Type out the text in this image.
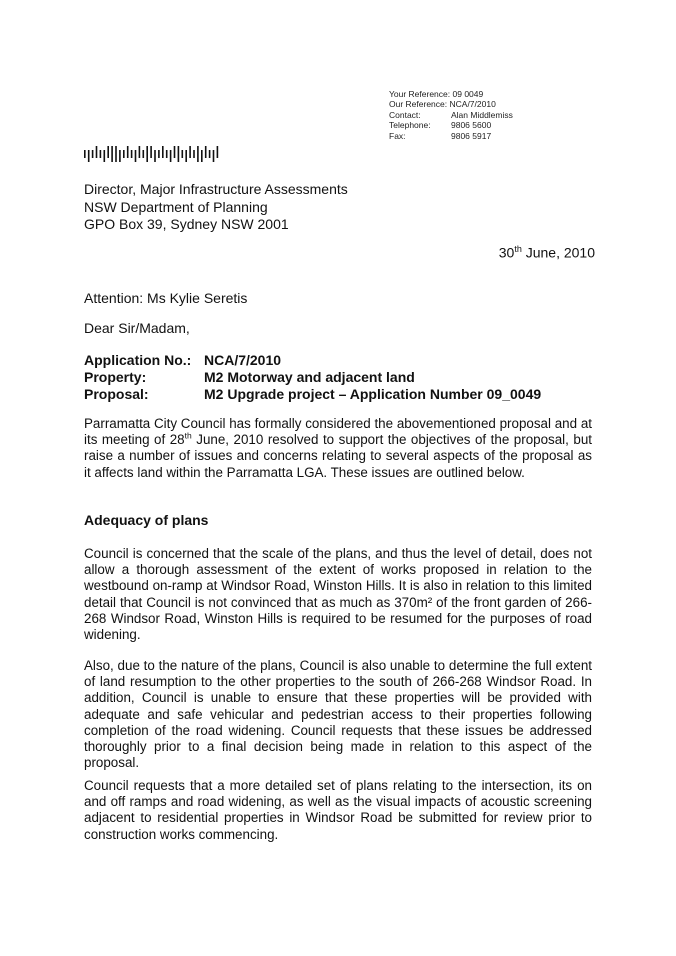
Your Reference: 09 0049
Our Reference: NCA/7/2010
Contact:	Alan Middlemiss
Telephone: 9806 5600
Fax:	9806 5917
Director, Major Infrastructure Assessments
NSW Department of Planning
GPO Box 39, Sydney NSW 2001
30th June, 2010
Attention: Ms Kylie Seretis
Dear Sir/Madam,
Application No.: NCA/7/2010
Property:	M2 Motorway and adjacent land
Proposal:	M2 Upgrade project – Application Number 09_0049
Parramatta City Council has formally considered the abovementioned proposal and at its meeting of 28th June, 2010 resolved to support the objectives of the proposal, but raise a number of issues and concerns relating to several aspects of the proposal as it affects land within the Parramatta LGA. These issues are outlined below.
Adequacy of plans
Council is concerned that the scale of the plans, and thus the level of detail, does not allow a thorough assessment of the extent of works proposed in relation to the westbound on-ramp at Windsor Road, Winston Hills. It is also in relation to this limited detail that Council is not convinced that as much as 370m² of the front garden of 266-268 Windsor Road, Winston Hills is required to be resumed for the purposes of road widening.
Also, due to the nature of the plans, Council is also unable to determine the full extent of land resumption to the other properties to the south of 266-268 Windsor Road. In addition, Council is unable to ensure that these properties will be provided with adequate and safe vehicular and pedestrian access to their properties following completion of the road widening. Council requests that these issues be addressed thoroughly prior to a final decision being made in relation to this aspect of the proposal.
Council requests that a more detailed set of plans relating to the intersection, its on and off ramps and road widening, as well as the visual impacts of acoustic screening adjacent to residential properties in Windsor Road be submitted for review prior to construction works commencing.
